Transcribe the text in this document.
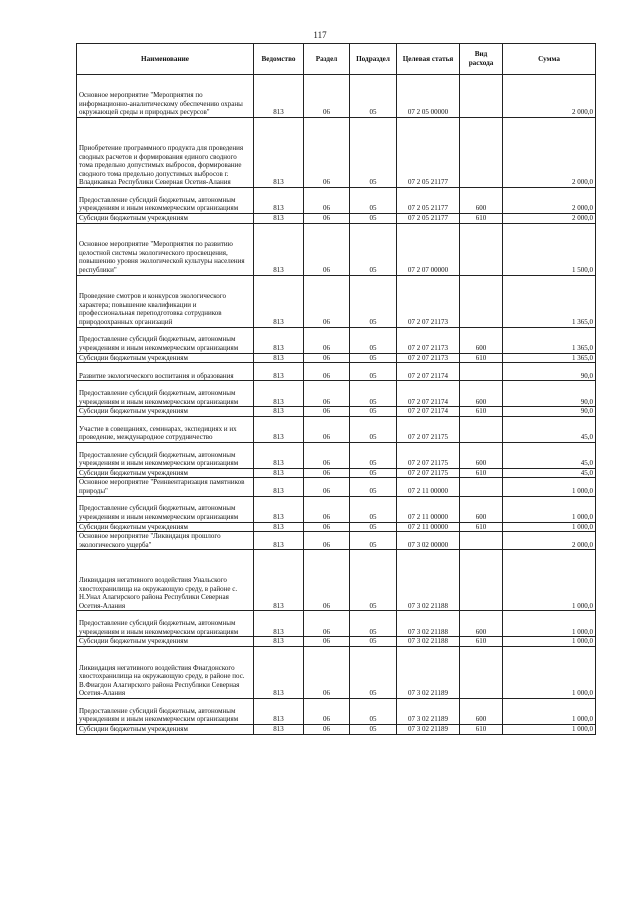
117
Наименование	Ведомство	Раздел	Подраздел	Целевая статья	Вид расхода	Сумма
Основное мероприятие "Мероприятия по информационно-аналитическому обеспечению охраны окружающей среды и природных ресурсов"	813	06	05	07 2 05 00000		2 000,0
Приобретение программного продукта для проведения сводных расчетов и формирования единого сводного тома предельно допустимых выбросов, формирование сводного тома предельно допустимых выбросов г. Владикавказ Республики Северная Осетия-Алания	813	06	05	07 2 05 21177		2 000,0
Предоставление субсидий бюджетным, автономным учреждениям и иным некоммерческим организациям	813	06	05	07 2 05 21177	600	2 000,0
Субсидии бюджетным учреждениям	813	06	05	07 2 05 21177	610	2 000,0
Основное мероприятие "Мероприятия по развитию целостной системы экологического просвещения, повышению уровня экологической культуры населения республики"	813	06	05	07 2 07 00000		1 500,0
Проведение смотров и конкурсов экологического характера; повышение квалификации и профессиональная переподготовка сотрудников природоохранных организаций	813	06	05	07 2 07 21173		1 365,0
Предоставление субсидий бюджетным, автономным учреждениям и иным некоммерческим организациям	813	06	05	07 2 07 21173	600	1 365,0
Субсидии бюджетным учреждениям	813	06	05	07 2 07 21173	610	1 365,0
Развитие экологического воспитания и образования	813	06	05	07 2 07 21174		90,0
Предоставление субсидий бюджетным, автономным учреждениям и иным некоммерческим организациям	813	06	05	07 2 07 21174	600	90,0
Субсидии бюджетным учреждениям	813	06	05	07 2 07 21174	610	90,0
Участие в совещаниях, семинарах, экспедициях и их проведение, международное сотрудничество	813	06	05	07 2 07 21175		45,0
Предоставление субсидий бюджетным, автономным учреждениям и иным некоммерческим организациям	813	06	05	07 2 07 21175	600	45,0
Субсидии бюджетным учреждениям	813	06	05	07 2 07 21175	610	45,0
Основное мероприятие "Реинвентаризация памятников природы"	813	06	05	07 2 11 00000		1 000,0
Предоставление субсидий бюджетным, автономным учреждениям и иным некоммерческим организациям	813	06	05	07 2 11 00000	600	1 000,0
Субсидии бюджетным учреждениям	813	06	05	07 2 11 00000	610	1 000,0
Основное мероприятие "Ликвидация прошлого экологического ущерба"	813	06	05	07 3 02 00000		2 000,0
Ликвидация негативного воздействия Унальского хвостохранилища на окружающую среду, в районе с. Н.Унал Алагирского района Республики Северная Осетия-Алания	813	06	05	07 3 02 21188		1 000,0
Предоставление субсидий бюджетным, автономным учреждениям и иным некоммерческим организациям	813	06	05	07 3 02 21188	600	1 000,0
Субсидии бюджетным учреждениям	813	06	05	07 3 02 21188	610	1 000,0
Ликвидация негативного воздействия Фиагдонского хвостохранилища на окружающую среду, в районе пос. В.Фиагдон Алагирского района Республики Северная Осетия-Алания	813	06	05	07 3 02 21189		1 000,0
Предоставление субсидий бюджетным, автономным учреждениям и иным некоммерческим организациям	813	06	05	07 3 02 21189	600	1 000,0
Субсидии бюджетным учреждениям	813	06	05	07 3 02 21189	610	1 000,0
